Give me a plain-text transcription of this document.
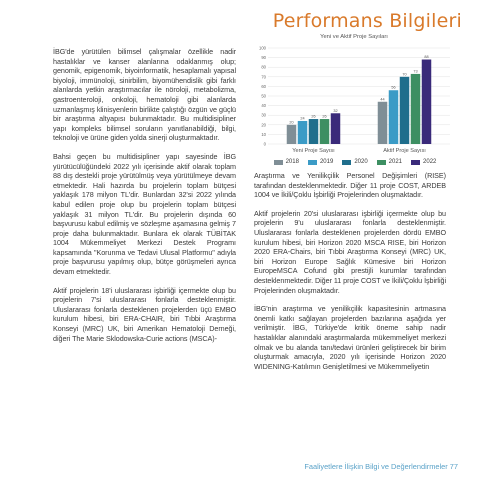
Performans Bilgileri

İBG'de yürütülen bilimsel çalışmalar özellikle nadir hastalıklar ve kanser alanlarına odaklanmış olup; genomik, epigenomik, biyoinformatik, hesaplamalı yapısal biyoloji, immünoloji, sinirbilim, biyomühendislik gibi farklı alanlarda yetkin araştırmacılar ile nöroloji, metabolizma, gastroenteroloji, onkoloji, hematoloji gibi alanlarda uzmanlaşmış klinisyenlerin birlikte çalıştığı özgün ve güçlü bir araştırma altyapısı bulunmaktadır. Bu multidisipliner yapı kompleks bilimsel soruların yanıtlanabildiği, bilgi, teknoloji ve ürüne giden yolda sinerji oluşturmaktadır.

Bahsi geçen bu multidisipliner yapı sayesinde İBG yürütücülüğündeki 2022 yılı içerisinde aktif olarak toplam 88 dış destekli proje yürütülmüş veya yürütülmeye devam etmektedir. Hali hazırda bu projelerin toplam bütçesi yaklaşık 178 milyon TL'dir. Bunlardan 32'si 2022 yılında kabul edilen proje olup bu projelerin toplam bütçesi yaklaşık 31 milyon TL'dir. Bu projelerin dışında 60 başvurusu kabul edilmiş ve sözleşme aşamasına gelmiş 7 proje daha bulunmaktadır. Bunlara ek olarak TÜBİTAK 1004 Mükemmeliyet Merkezi Destek Programı kapsamında "Korunma ve Tedavi Ulusal Platformu" adıyla proje başvurusu yapılmış olup, bütçe görüşmeleri ayrıca devam etmektedir.

Aktif projelerin 18'i uluslararası işbirliği içermekte olup bu projelerin 7'si uluslararası fonlarla desteklenmiştir. Uluslararası fonlarla desteklenen projelerden üçü EMBO kurulum hibesi, biri ERA-CHAIR, biri Tıbbi Araştırma Konseyi (MRC) UK, biri Amerikan Hematoloji Derneği, diğeri The Marie Sklodowska-Curie actions (MSCA)-

Yeni ve Aktif Proje Sayıları
0
10
20
30
40
50
60
70
80
90
100
20
24 26 26
32
Yeni Proje Sayısı
44
56
70
73
88
Aktif Proje Sayısı
2018	2019	2020	2021	2022

Araştırma ve Yenilikçilik Personel Değişimleri (RISE) tarafından desteklenmektedir. Diğer 11 proje COST, ARDEB 1004 ve İkili/Çoklu İşbirliği Projelerinden oluşmaktadır.

Aktif projelerin 20'si uluslararası işbirliği içermekte olup bu projelerin 9'u uluslararası fonlarla desteklenmiştir. Uluslararası fonlarla desteklenen projelerden dördü EMBO kurulum hibesi, biri Horizon 2020 MSCA RISE, biri Horizon 2020 ERA-Chairs, biri Tıbbi Araştırma Konseyi (MRC) UK, biri Horizon Europe Sağlık Kümesive biri Horizon EuropeMSCA Cofund gibi prestijli kurumlar tarafından desteklenmektedir. Diğer 11 proje COST ve İkili/Çoklu İşbirliği Projelerinden oluşmaktadır.

İBG'nin araştırma ve yenilikçilik kapasitesinin artmasına önemli katkı sağlayan projelerden bazılarına aşağıda yer verilmiştir. İBG, Türkiye'de kritik öneme sahip nadir hastalıklar alanındaki araştırmalarda mükemmeliyet merkezi olmak ve bu alanda tanı/tedavi ürünleri geliştirecek bir birim oluşturmak amacıyla, 2020 yılı içerisinde Horizon 2020 WIDENING-Katılımın Genişletilmesi ve Mükemmeliyetin

Faaliyetlere İlişkin Bilgi ve Değerlendirmeler 77
